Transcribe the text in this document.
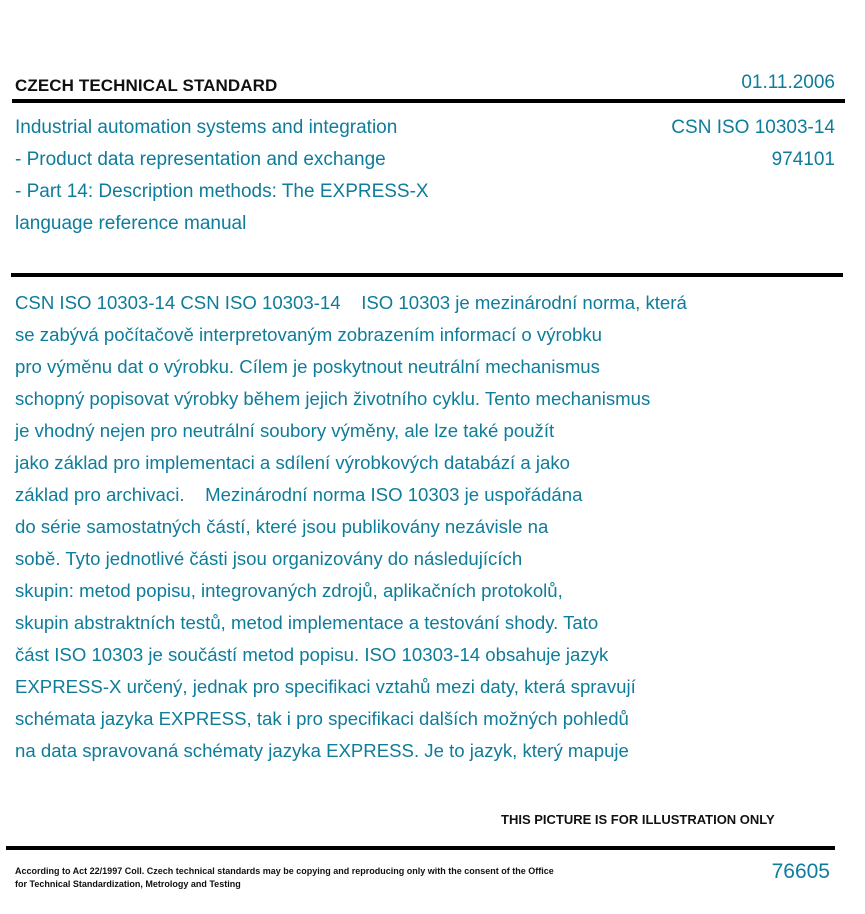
CZECH TECHNICAL STANDARD	01.11.2006
Industrial automation systems and integration
- Product data representation and exchange
- Part 14: Description methods: The EXPRESS-X
language reference manual
CSN ISO 10303-14
974101
CSN ISO 10303-14 CSN ISO 10303-14    ISO 10303 je mezinárodní norma, která
se zabývá počítačově interpretovaným zobrazením informací o výrobku
pro výměnu dat o výrobku. Cílem je poskytnout neutrální mechanismus
schopný popisovat výrobky během jejich životního cyklu. Tento mechanismus
je vhodný nejen pro neutrální soubory výměny, ale lze také použít
jako základ pro implementaci a sdílení výrobkových databází a jako
základ pro archivaci.    Mezinárodní norma ISO 10303 je uspořádána
do série samostatných částí, které jsou publikovány nezávisle na
sobě. Tyto jednotlivé části jsou organizovány do následujících
skupin: metod popisu, integrovaných zdrojů, aplikačních protokolů,
skupin abstraktních testů, metod implementace a testování shody. Tato
část ISO 10303 je součástí metod popisu. ISO 10303-14 obsahuje jazyk
EXPRESS-X určený, jednak pro specifikaci vztahů mezi daty, která spravují
schémata jazyka EXPRESS, tak i pro specifikaci dalších možných pohledů
na data spravovaná schématy jazyka EXPRESS. Je to jazyk, který mapuje
THIS PICTURE IS FOR ILLUSTRATION ONLY
According to Act 22/1997 Coll. Czech technical standards may be copying and reproducing only with the consent of the Office
for Technical Standardization, Metrology and Testing
76605
